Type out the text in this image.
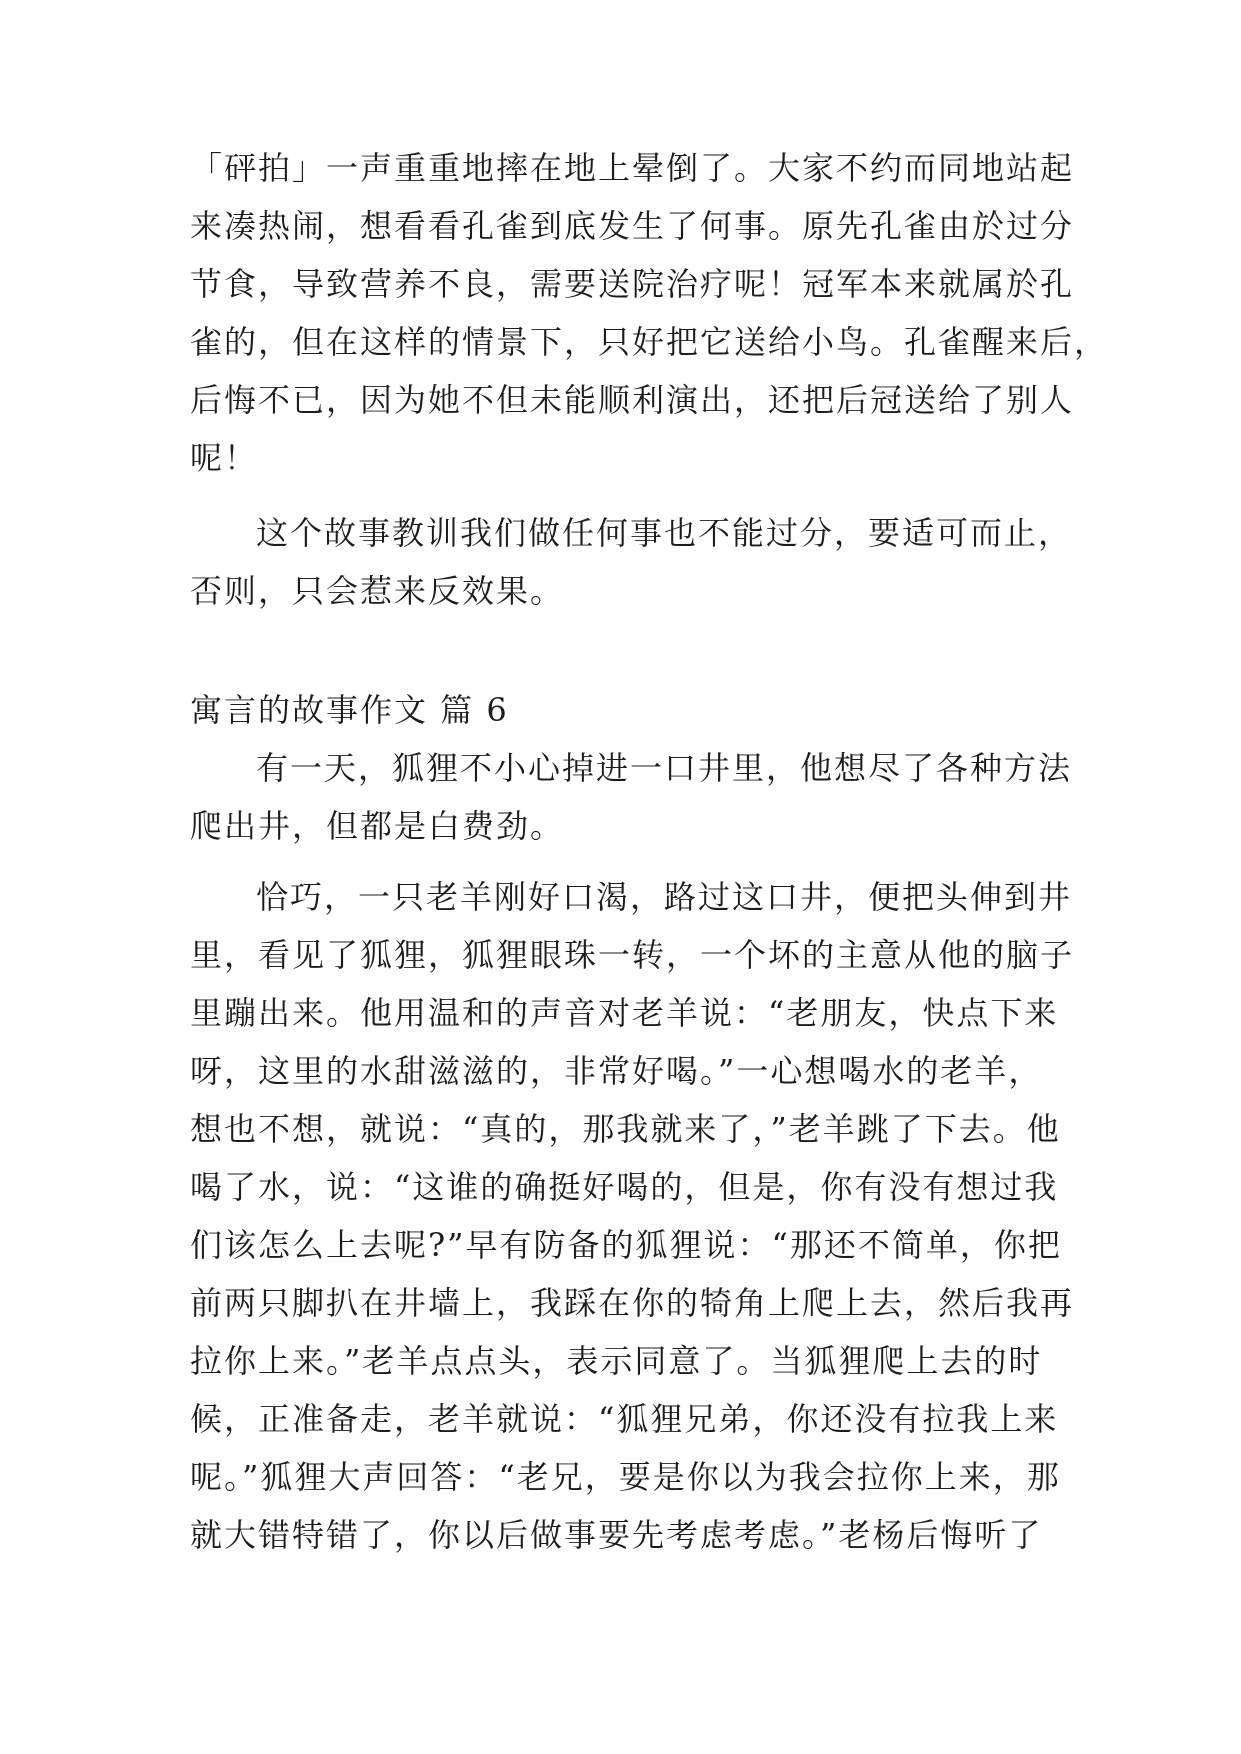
「砰拍」一声重重地摔在地上晕倒了。大家不约而同地站起
来凑热闹，想看看孔雀到底发生了何事。原先孔雀由於过分
节食，导致营养不良，需要送院治疗呢！冠军本来就属於孔
雀的，但在这样的情景下，只好把它送给小鸟。孔雀醒来后，
后悔不已，因为她不但未能顺利演出，还把后冠送给了别人
呢！
这个故事教训我们做任何事也不能过分，要适可而止，
否则，只会惹来反效果。
寓言的故事作文 篇 6
有一天，狐狸不小心掉进一口井里，他想尽了各种方法
爬出井，但都是白费劲。
恰巧，一只老羊刚好口渴，路过这口井，便把头伸到井
里，看见了狐狸，狐狸眼珠一转，一个坏的主意从他的脑子
里蹦出来。他用温和的声音对老羊说：“老朋友，快点下来
呀，这里的水甜滋滋的，非常好喝。”一心想喝水的老羊，
想也不想，就说：“真的，那我就来了，”老羊跳了下去。他
喝了水，说：“这谁的确挺好喝的，但是，你有没有想过我
们该怎么上去呢?”早有防备的狐狸说：“那还不简单，你把
前两只脚扒在井墙上，我踩在你的犄角上爬上去，然后我再
拉你上来。”老羊点点头，表示同意了。当狐狸爬上去的时
候，正准备走，老羊就说：“狐狸兄弟，你还没有拉我上来
呢。”狐狸大声回答：“老兄，要是你以为我会拉你上来，那
就大错特错了，你以后做事要先考虑考虑。”老杨后悔听了
